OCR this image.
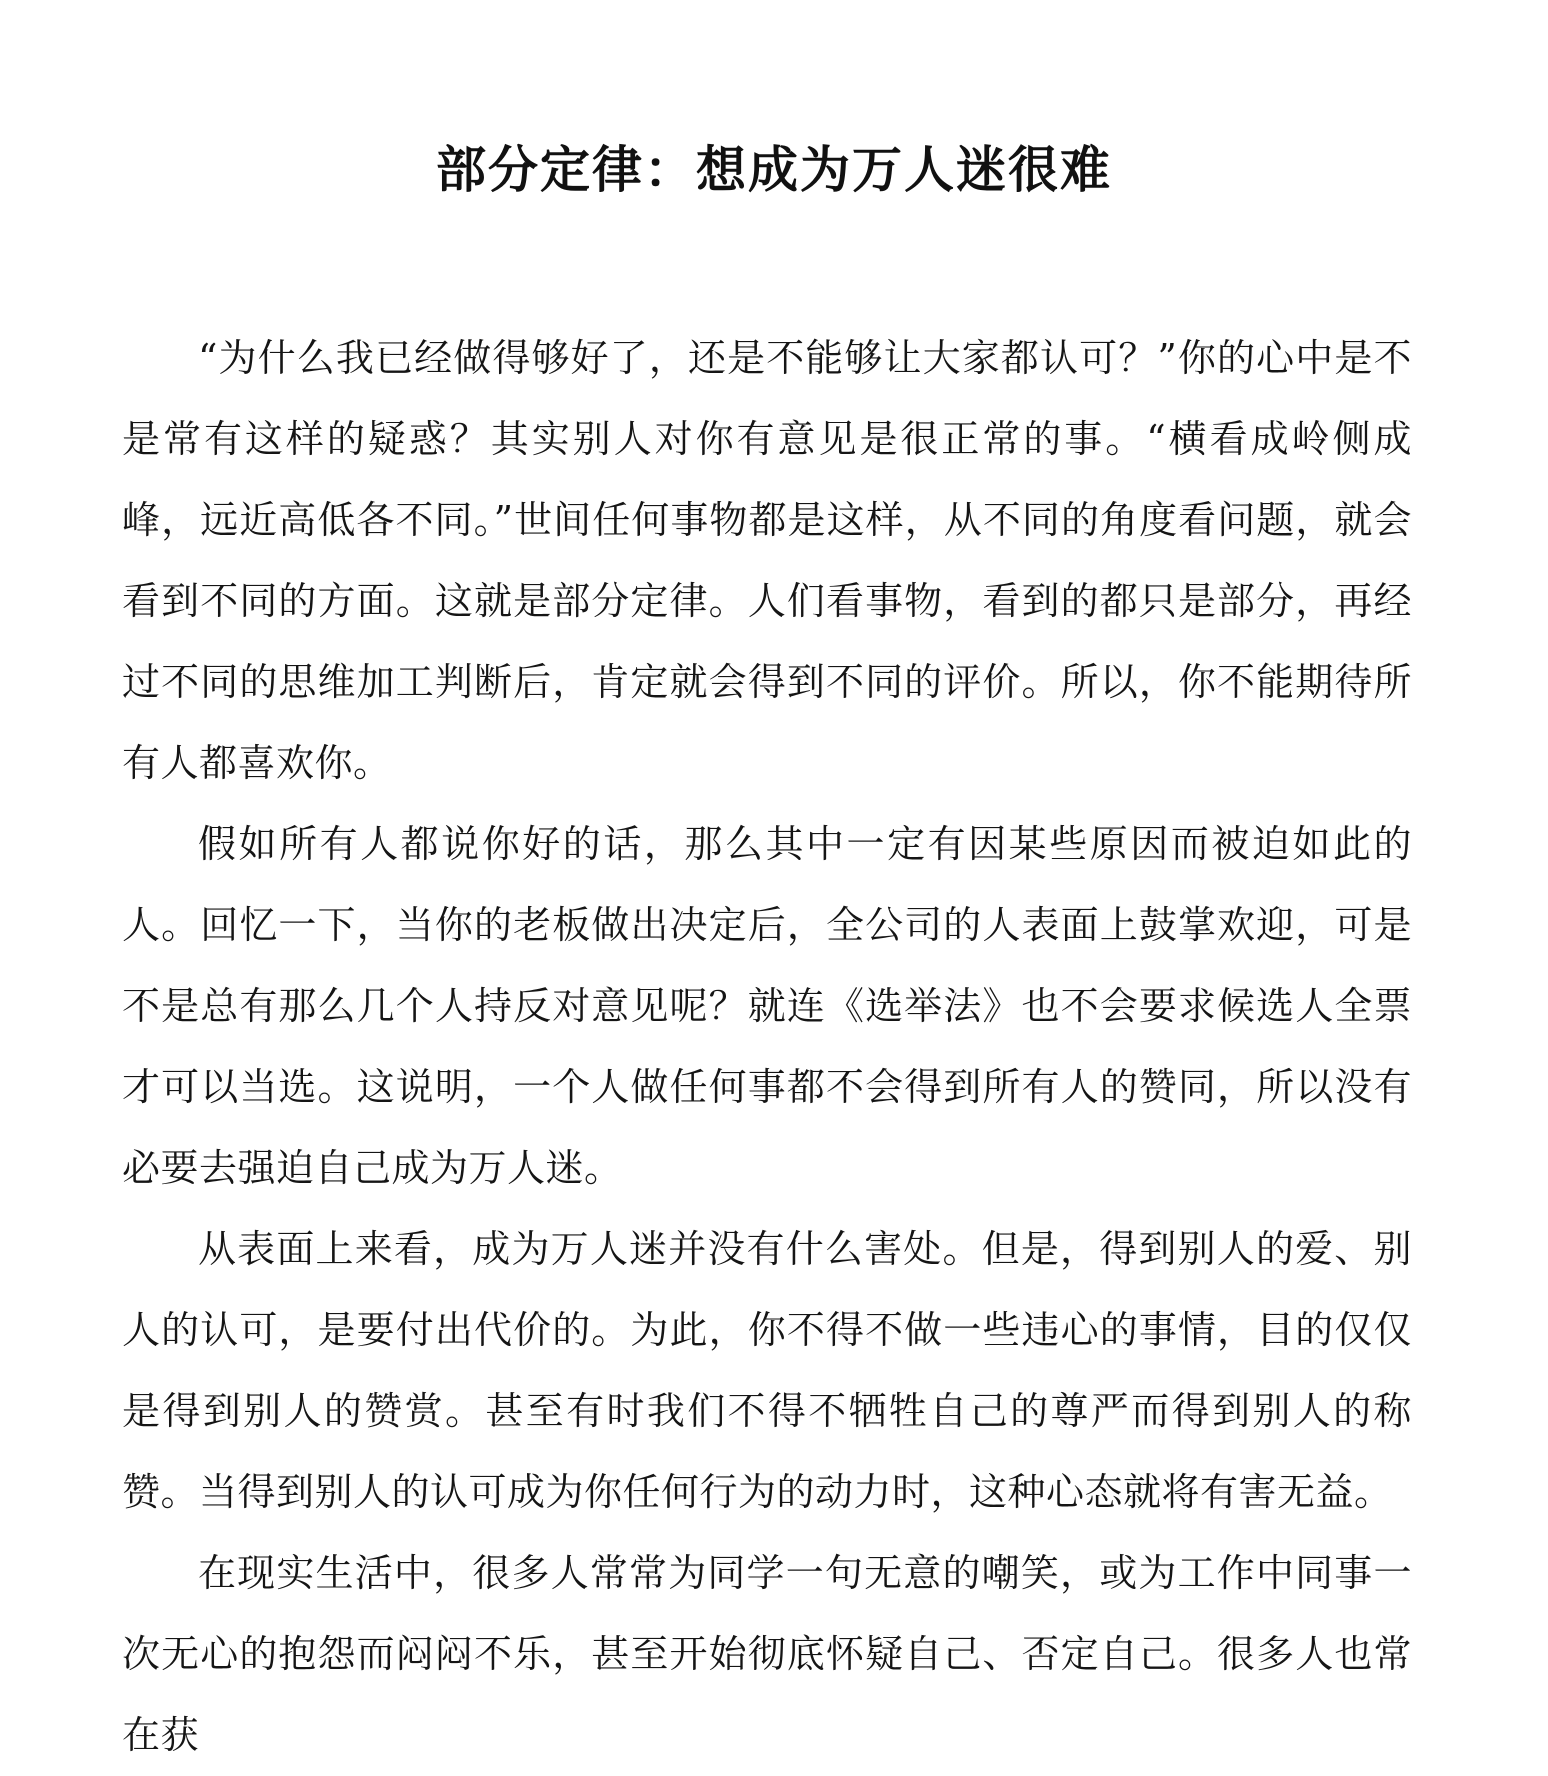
部分定律：想成为万人迷很难

“为什么我已经做得够好了，还是不能够让大家都认可？”你的心中是不是常有这样的疑惑？其实别人对你有意见是很正常的事。“横看成岭侧成峰，远近高低各不同。”世间任何事物都是这样，从不同的角度看问题，就会看到不同的方面。这就是部分定律。人们看事物，看到的都只是部分，再经过不同的思维加工判断后，肯定就会得到不同的评价。所以，你不能期待所有人都喜欢你。

假如所有人都说你好的话，那么其中一定有因某些原因而被迫如此的人。回忆一下，当你的老板做出决定后，全公司的人表面上鼓掌欢迎，可是不是总有那么几个人持反对意见呢？就连《选举法》也不会要求候选人全票才可以当选。这说明，一个人做任何事都不会得到所有人的赞同，所以没有必要去强迫自己成为万人迷。

从表面上来看，成为万人迷并没有什么害处。但是，得到别人的爱、别人的认可，是要付出代价的。为此，你不得不做一些违心的事情，目的仅仅是得到别人的赞赏。甚至有时我们不得不牺牲自己的尊严而得到别人的称赞。当得到别人的认可成为你任何行为的动力时，这种心态就将有害无益。

在现实生活中，很多人常常为同学一句无意的嘲笑，或为工作中同事一次无心的抱怨而闷闷不乐，甚至开始彻底怀疑自己、否定自己。很多人也常在获
